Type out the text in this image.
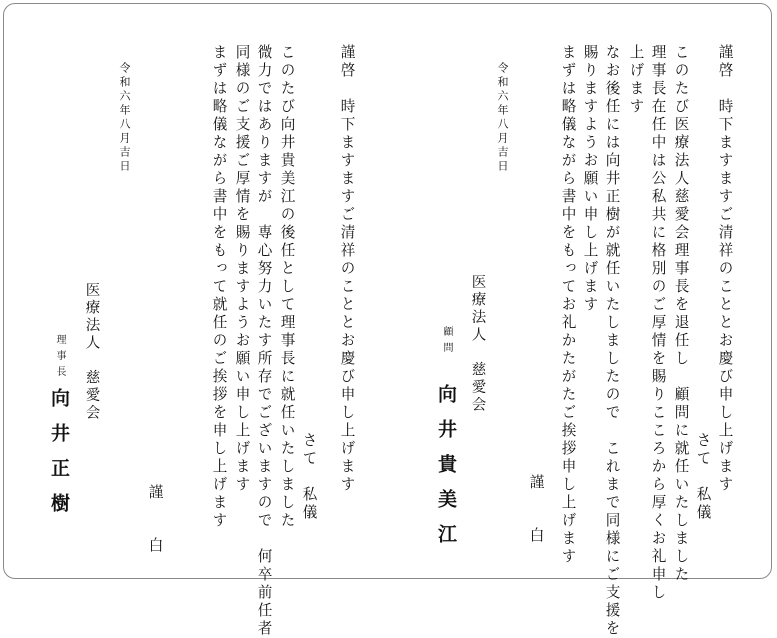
謹啓　時下ますますご清祥のこととお慶び申し上げます
さて　私儀
このたび医療法人慈愛会理事長を退任し　顧問に就任いたしました
理事長在任中は公私共に格別のご厚情を賜りこころから厚くお礼申し
上げます
なお後任には向井正樹が就任いたしましたので　これまで同様にご支援を
賜りますようお願い申し上げます
まずは略儀ながら書中をもってお礼かたがたご挨拶申し上げます
謹　白
令和六年八月吉日
医療法人　慈愛会
顧問
向井貴美江
謹啓　時下ますますご清祥のこととお慶び申し上げます
さて　私儀
このたび向井貴美江の後任として理事長に就任いたしました
微力ではありますが　専心努力いたす所存でございますので　何卒前任者
同様のご支援ご厚情を賜りますようお願い申し上げます
まずは略儀ながら書中をもって就任のご挨拶を申し上げます
謹　白
令和六年八月吉日
医療法人　慈愛会
理事長
向井正樹
